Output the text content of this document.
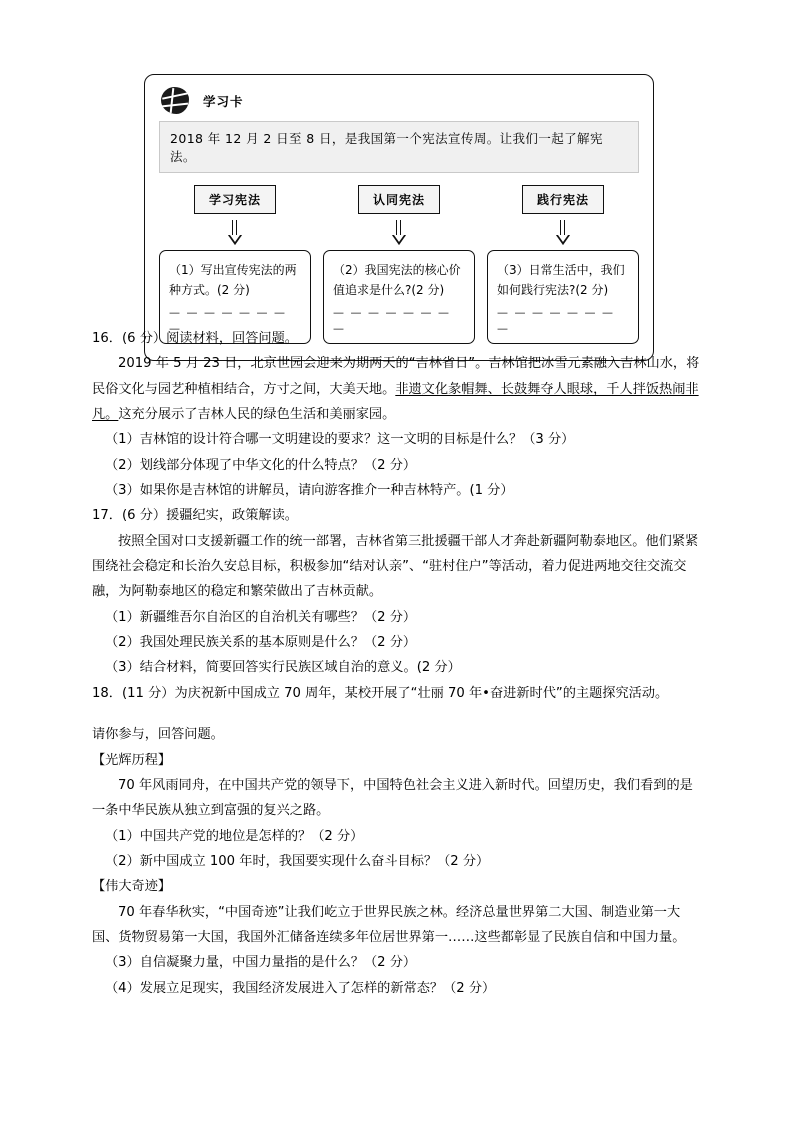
学习卡
2018 年 12 月 2 日至 8 日，是我国第一个宪法宣传周。让我们一起了解宪法。
学习宪法
（1）写出宣传宪法的两种方式。(2 分)
— — — — — — — —
认同宪法
（2）我国宪法的核心价值追求是什么?(2 分)
— — — — — — — —
践行宪法
（3）日常生活中，我们如何践行宪法?(2 分)
— — — — — — — —

16．(6 分）阅读材料，回答问题。

2019 年 5 月 23 日，北京世园会迎来为期两天的“吉林省日”。吉林馆把冰雪元素融入吉林山水，将民俗文化与园艺种植相结合，方寸之间，大美天地。非遗文化彖帽舞、长鼓舞夺人眼球，千人拌饭热闹非凡。这充分展示了吉林人民的绿色生活和美丽家园。

（1）吉林馆的设计符合哪一文明建设的要求？这一文明的目标是什么？（3 分）

（2）划线部分体现了中华文化的什么特点？（2 分）

（3）如果你是吉林馆的讲解员，请向游客推介一种吉林特产。(1 分）

17．(6 分）援疆纪实，政策解读。

按照全国对口支援新疆工作的统一部署，吉林省第三批援疆干部人才奔赴新疆阿勒泰地区。他们紧紧围绕社会稳定和长治久安总目标，积极参加“结对认亲”、“驻村住户”等活动，着力促进两地交往交流交融，为阿勒泰地区的稳定和繁荣做出了吉林贡献。

（1）新疆维吾尔自治区的自治机关有哪些？（2 分）

（2）我国处理民族关系的基本原则是什么？（2 分）

（3）结合材料，简要回答实行民族区域自治的意义。(2 分）

18．(11 分）为庆祝新中国成立 70 周年，某校开展了“壮丽 70 年•奋进新时代”的主题探究活动。

请你参与，回答问题。

【光辉历程】

70 年风雨同舟，在中国共产党的领导下，中国特色社会主义进入新时代。回望历史，我们看到的是一条中华民族从独立到富强的复兴之路。

（1）中国共产党的地位是怎样的？（2 分）

（2）新中国成立 100 年时，我国要实现什么奋斗目标？（2 分）

【伟大奇迹】

70 年春华秋实，“中国奇迹”让我们屹立于世界民族之林。经济总量世界第二大国、制造业第一大国、货物贸易第一大国，我国外汇储备连续多年位居世界第一……这些都彰显了民族自信和中国力量。

（3）自信凝聚力量，中国力量指的是什么？（2 分）

（4）发展立足现实，我国经济发展进入了怎样的新常态？（2 分）
